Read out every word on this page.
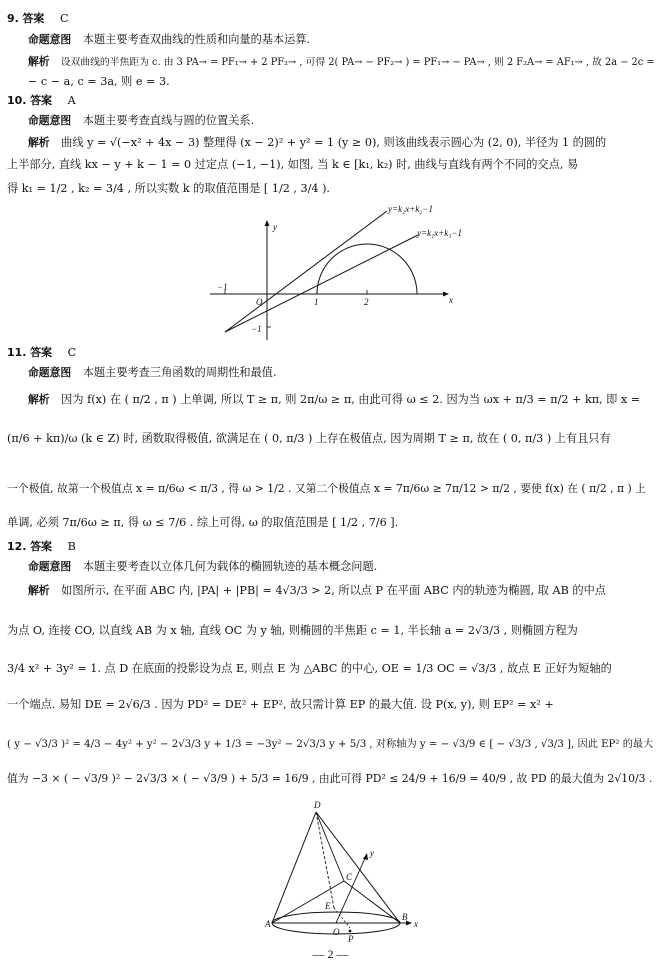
9. 答案 C
命题意图 本题主要考查双曲线的性质和向量的基本运算.
解析 设双曲线的半焦距为 c. 由 3 PA→ = PF₁→ + 2 PF₂→ , 可得 2( PA→ − PF₂→ ) = PF₁→ − PA→ , 则 2 F₂A→ = AF₁→ , 故 2a − 2c =
− c − a, c = 3a, 则 e = 3.
10. 答案 A
命题意图 本题主要考查直线与圆的位置关系.
解析 曲线 y = √(−x² + 4x − 3) 整理得 (x − 2)² + y² = 1 (y ≥ 0), 则该曲线表示圆心为 (2, 0), 半径为 1 的圆的
上半部分, 直线 kx − y + k − 1 = 0 过定点 (−1, −1), 如图, 当 k ∈ [k₁, k₂) 时, 曲线与直线有两个不同的交点, 易
得 k₁ = 1/2 , k₂ = 3/4 , 所以实数 k 的取值范围是 [ 1/2 , 3/4 ).
y=k₂x+k₂−1
y=k₁x+k₁−1
x
y
−1
O	1	2
−1
11. 答案 C
命题意图 本题主要考查三角函数的周期性和最值.
解析 因为 f(x) 在 ( π/2 , π ) 上单调, 所以 T ≥ π, 则 2π/ω ≥ π, 由此可得 ω ≤ 2. 因为当 ωx + π/3 = π/2 + kπ, 即 x =
(π/6 + kπ)/ω (k ∈ Z) 时, 函数取得极值, 欲满足在 ( 0, π/3 ) 上存在极值点, 因为周期 T ≥ π, 故在 ( 0, π/3 ) 上有且只有
一个极值, 故第一个极值点 x = π/6ω < π/3 , 得 ω > 1/2 . 又第二个极值点 x = 7π/6ω ≥ 7π/12 > π/2 , 要使 f(x) 在 ( π/2 , π ) 上
单调, 必须 7π/6ω ≥ π, 得 ω ≤ 7/6 . 综上可得, ω 的取值范围是 [ 1/2 , 7/6 ].
12. 答案 B
命题意图 本题主要考查以立体几何为载体的椭圆轨迹的基本概念问题.
解析 如图所示, 在平面 ABC 内, |PA| + |PB| = 4√3/3 > 2, 所以点 P 在平面 ABC 内的轨迹为椭圆, 取 AB 的中点
为点 O, 连接 CO, 以直线 AB 为 x 轴, 直线 OC 为 y 轴, 则椭圆的半焦距 c = 1, 半长轴 a = 2√3/3 , 则椭圆方程为
3/4 x² + 3y² = 1. 点 D 在底面的投影设为点 E, 则点 E 为 △ABC 的中心, OE = 1/3 OC = √3/3 , 故点 E 正好为短轴的
一个端点. 易知 DE = 2√6/3 . 因为 PD² = DE² + EP², 故只需计算 EP 的最大值. 设 P(x, y), 则 EP² = x² +
( y − √3/3 )² = 4/3 − 4y² + y² − 2√3/3 y + 1/3 = −3y² − 2√3/3 y + 5/3 , 对称轴为 y = − √3/9 ∈ [ − √3/3 , √3/3 ], 因此 EP² 的最大
值为 −3 × ( − √3/9 )² − 2√3/3 × ( − √3/9 ) + 5/3 = 16/9 , 由此可得 PD² ≤ 24/9 + 16/9 = 40/9 , 故 PD 的最大值为 2√10/3 .
D
C
E
O
A
B
P
y
x
— 2 —
